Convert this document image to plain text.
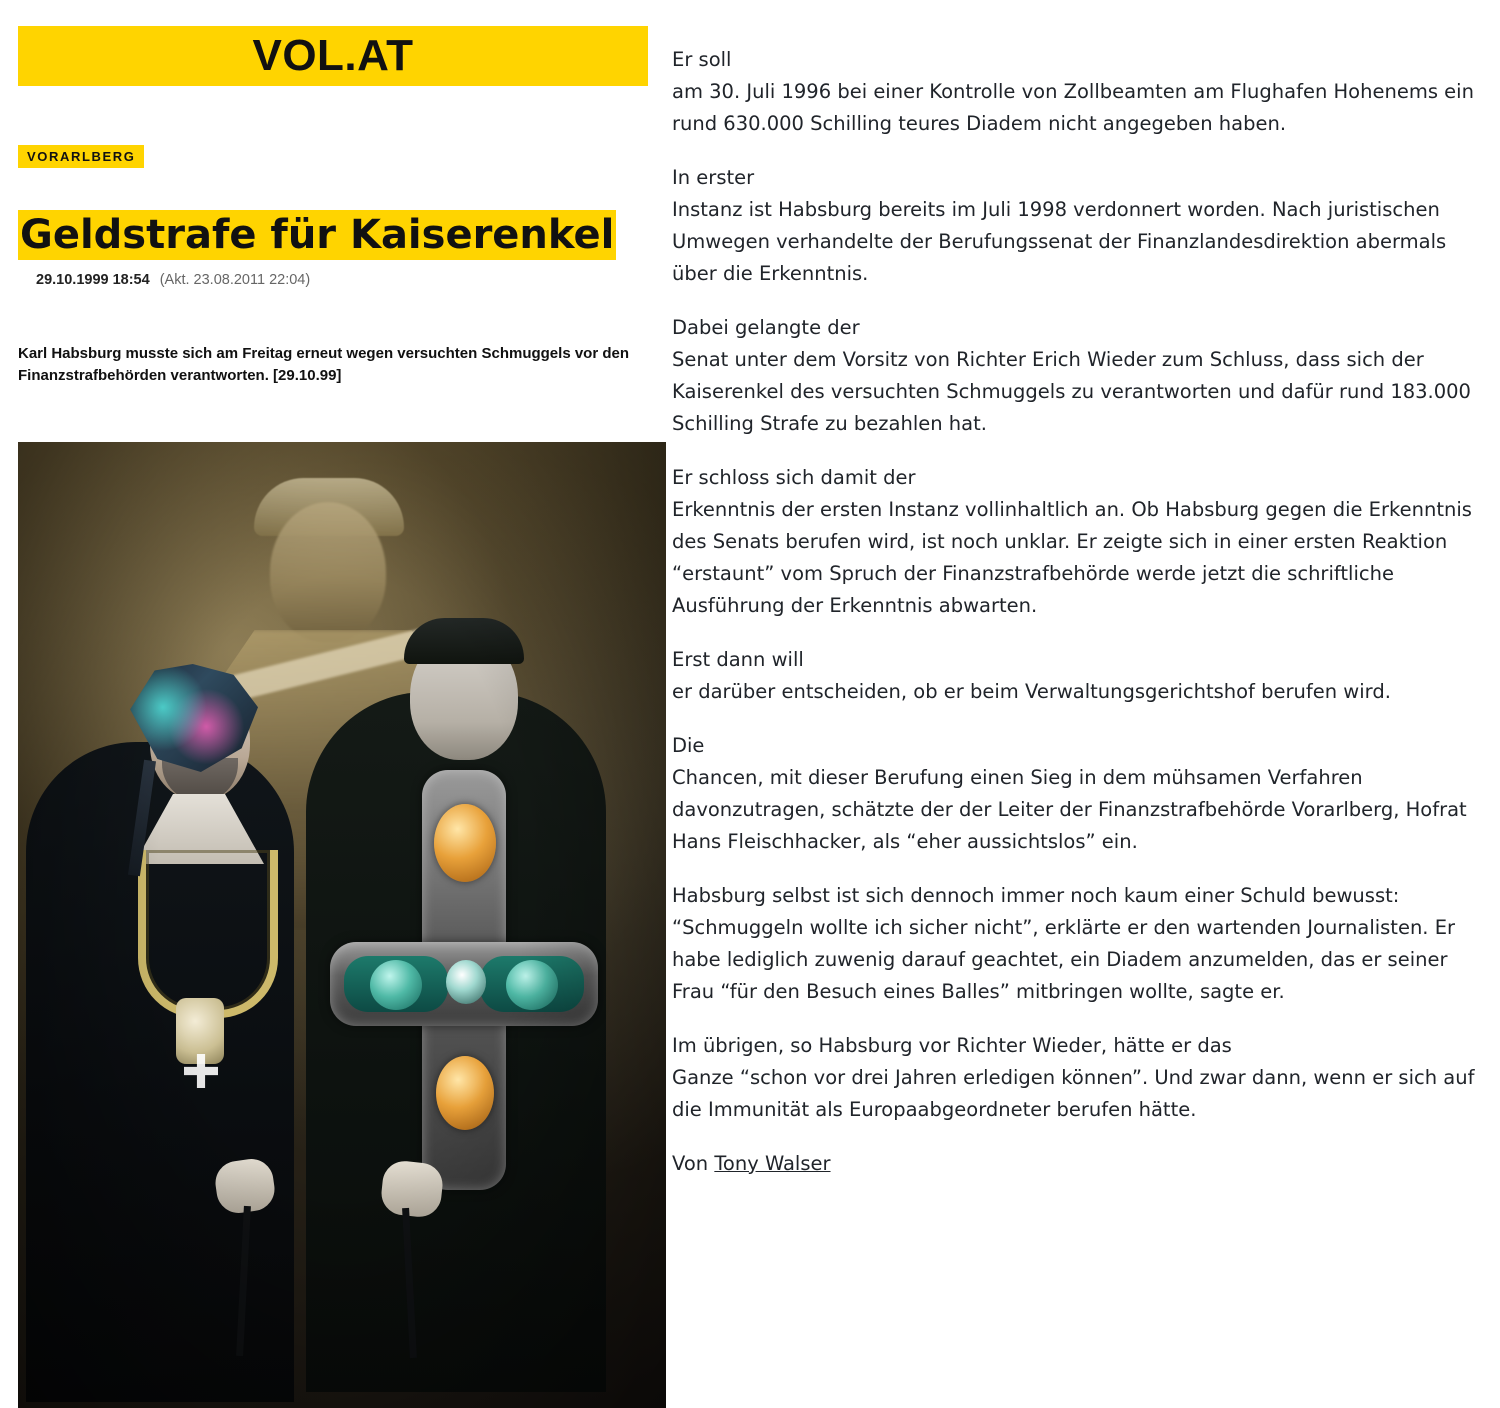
VOL.AT
VORARLBERG
Geldstrafe für Kaiserenkel
29.10.1999 18:54 (Akt. 23.08.2011 22:04)

Karl Habsburg musste sich am Freitag erneut wegen versuchten Schmuggels vor den Finanzstrafbehörden verantworten. [29.10.99]

Er soll
am 30. Juli 1996 bei einer Kontrolle von Zollbeamten am Flughafen Hohenems ein rund 630.000 Schilling teures Diadem nicht angegeben haben.

In erster
Instanz ist Habsburg bereits im Juli 1998 verdonnert worden. Nach juristischen Umwegen verhandelte der Berufungssenat der Finanzlandesdirektion abermals über die Erkenntnis.

Dabei gelangte der
Senat unter dem Vorsitz von Richter Erich Wieder zum Schluss, dass sich der Kaiserenkel des versuchten Schmuggels zu verantworten und dafür rund 183.000 Schilling Strafe zu bezahlen hat.

Er schloss sich damit der
Erkenntnis der ersten Instanz vollinhaltlich an. Ob Habsburg gegen die Erkenntnis des Senats berufen wird, ist noch unklar. Er zeigte sich in einer ersten Reaktion “erstaunt” vom Spruch der Finanzstrafbehörde werde jetzt die schriftliche Ausführung der Erkenntnis abwarten.

Erst dann will
er darüber entscheiden, ob er beim Verwaltungsgerichtshof berufen wird.

Die
Chancen, mit dieser Berufung einen Sieg in dem mühsamen Verfahren davonzutragen, schätzte der der Leiter der Finanzstrafbehörde Vorarlberg, Hofrat Hans Fleischhacker, als “eher aussichtslos” ein.

Habsburg selbst ist sich dennoch immer noch kaum einer Schuld bewusst: “Schmuggeln wollte ich sicher nicht”, erklärte er den wartenden Journalisten. Er habe lediglich zuwenig darauf geachtet, ein Diadem anzumelden, das er seiner Frau “für den Besuch eines Balles” mitbringen wollte, sagte er.

Im übrigen, so Habsburg vor Richter Wieder, hätte er das
Ganze “schon vor drei Jahren erledigen können”. Und zwar dann, wenn er sich auf die Immunität als Europaabgeordneter berufen hätte.

Von Tony Walser
